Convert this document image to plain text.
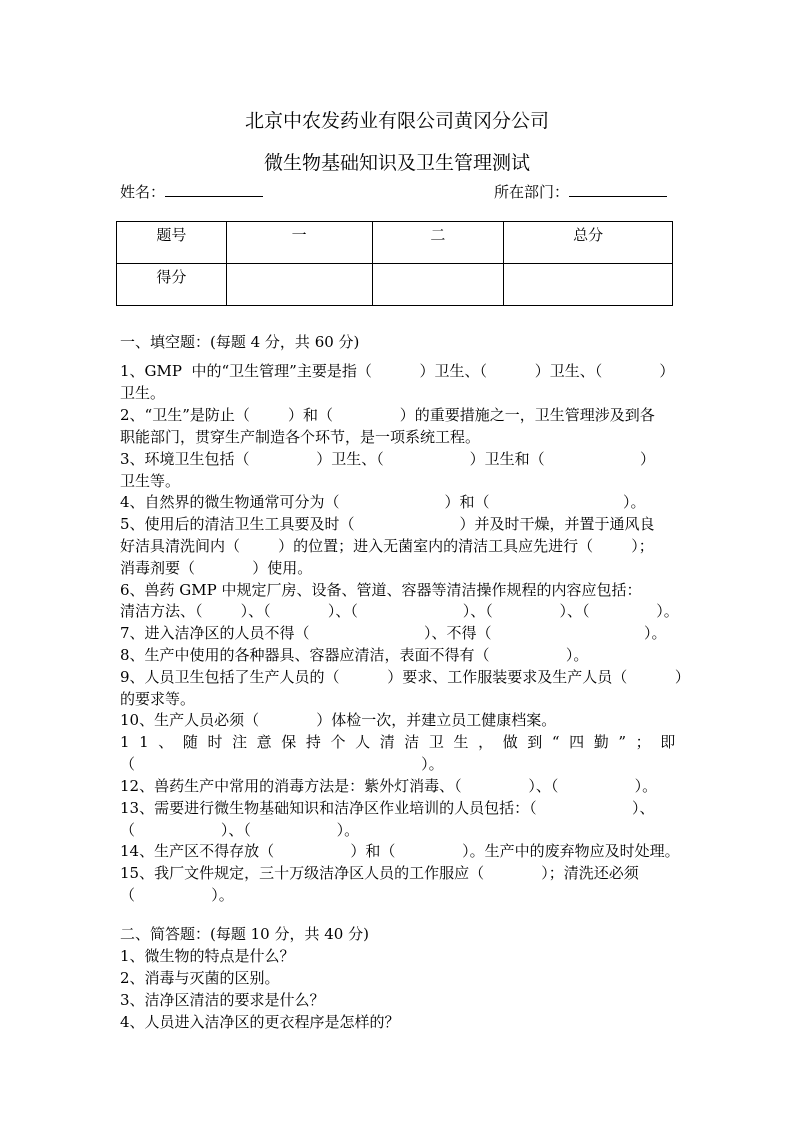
北京中农发药业有限公司黄冈分公司
微生物基础知识及卫生管理测试
姓名：	所在部门：
题号	一	二	总分
得分			
一、填空题：(每题 4 分，共 60 分)
1、GMP  中的“卫生管理”主要是指（          ）卫生、（          ）卫生、（            ）
卫生。
2、“卫生”是防止（        ）和（              ）的重要措施之一，卫生管理涉及到各
职能部门，贯穿生产制造各个环节，是一项系统工程。
3、环境卫生包括（              ）卫生、（                  ）卫生和（                    ）
卫生等。
4、自然界的微生物通常可分为（                      ）和（                            ）。
5、使用后的清洁卫生工具要及时（                      ）并及时干燥，并置于通风良
好洁具清洗间内（        ）的位置；进入无菌室内的清洁工具应先进行（        ）；
消毒剂要（            ）使用。
6、兽药 GMP 中规定厂房、设备、管道、容器等清洁操作规程的内容应包括：
清洁方法、（        ）、（            ）、（                      ）、（              ）、（              ）。
7、进入洁净区的人员不得（                        ）、不得（                                ）。
8、生产中使用的各种器具、容器应清洁，表面不得有（                ）。
9、人员卫生包括了生产人员的（          ）要求、工作服装要求及生产人员（          ）
的要求等。
10、生产人员必须（            ）体检一次，并建立员工健康档案。
11、随时注意保持个人清洁卫生，做到“四勤”；即
（                                                            ）。
12、兽药生产中常用的消毒方法是：紫外灯消毒、（              ）、（                ）。
13、需要进行微生物基础知识和洁净区作业培训的人员包括：（                    ）、
（                  ）、（                  ）。
14、生产区不得存放（                ）和（              ）。生产中的废弃物应及时处理。
15、我厂文件规定，三十万级洁净区人员的工作服应（            ）；清洗还必须
（                ）。
二、简答题：(每题 10 分，共 40 分)
1、微生物的特点是什么？
2、消毒与灭菌的区别。
3、洁净区清洁的要求是什么？
4、人员进入洁净区的更衣程序是怎样的？
